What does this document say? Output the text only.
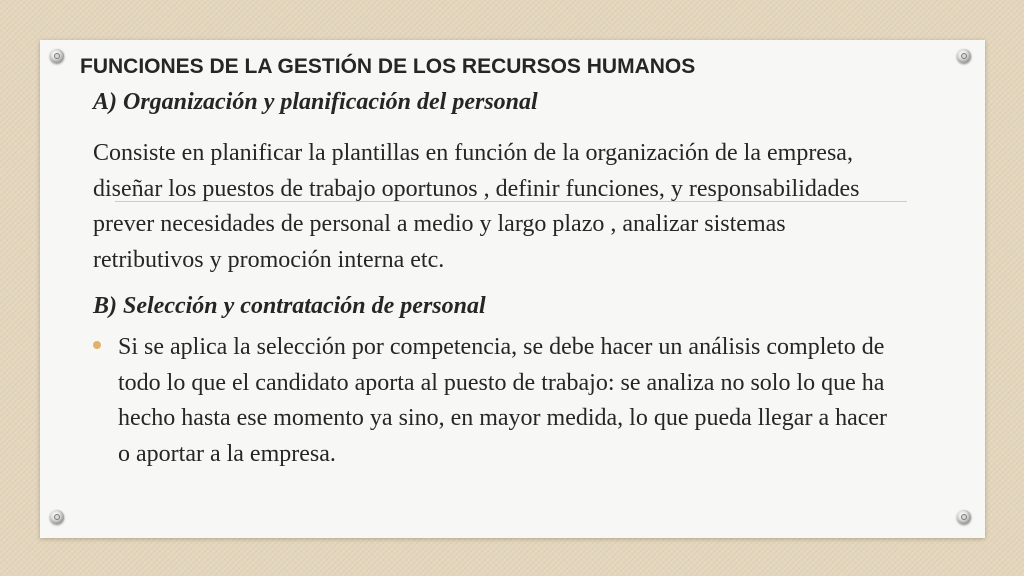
FUNCIONES DE LA GESTIÓN DE LOS RECURSOS HUMANOS
A) Organización y planificación del personal

Consiste en planificar la plantillas en función de la organización de la empresa, diseñar los puestos de trabajo oportunos , definir funciones, y responsabilidades prever necesidades de personal a medio y largo plazo , analizar sistemas retributivos y promoción interna etc.

B) Selección y contratación de personal

Si se aplica la selección por competencia, se debe hacer un análisis completo de todo lo que el candidato aporta al puesto de trabajo: se analiza no solo lo que ha hecho hasta ese momento ya sino, en mayor medida, lo que pueda llegar a hacer o aportar a la empresa.
